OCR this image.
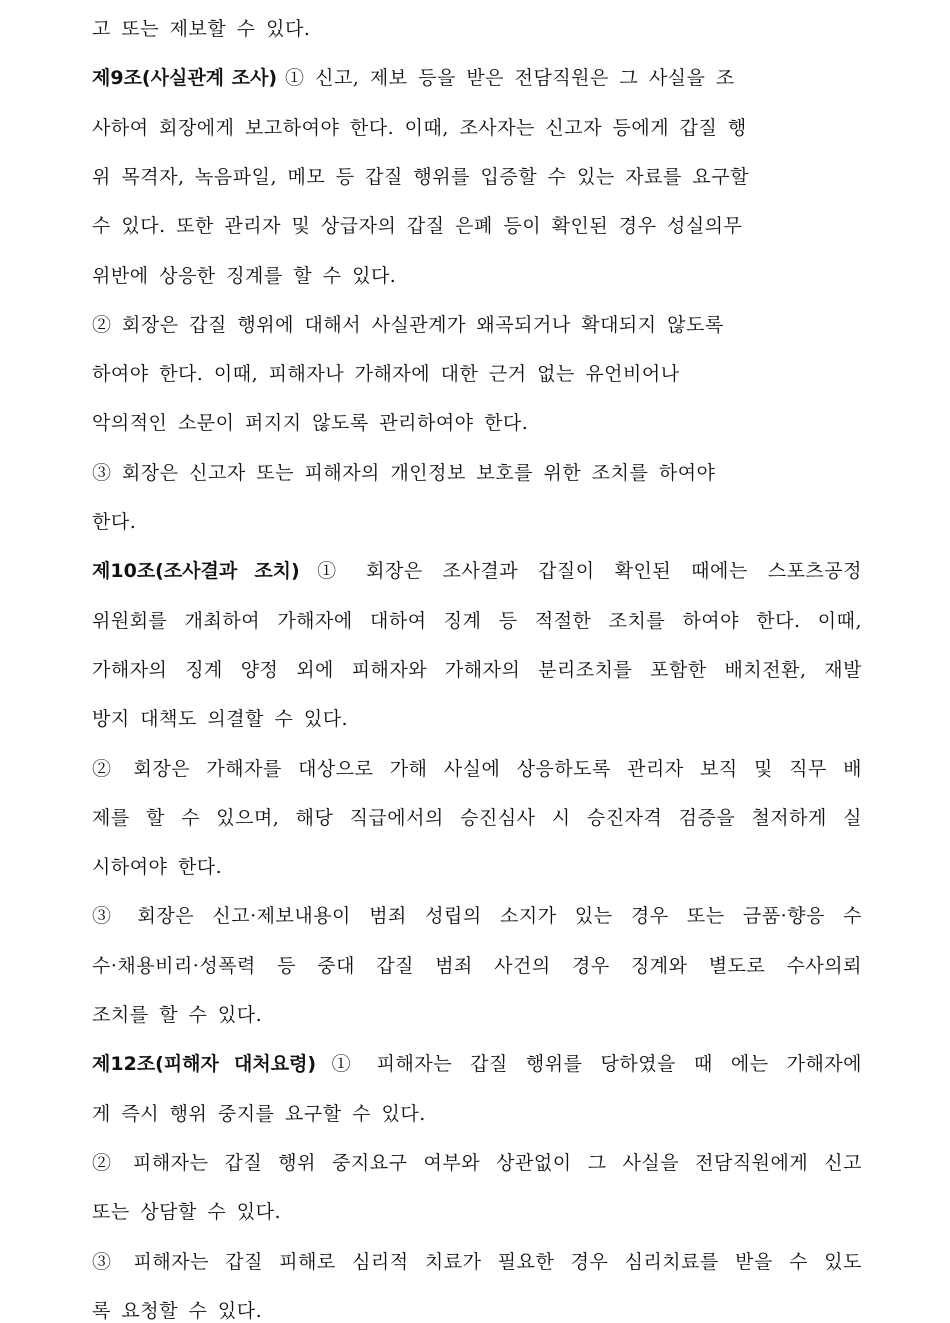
고 또는 제보할 수 있다.
제9조(사실관계 조사) ① 신고, 제보 등을 받은 전담직원은 그 사실을 조
사하여 회장에게 보고하여야 한다. 이때, 조사자는 신고자 등에게 갑질 행
위 목격자, 녹음파일, 메모 등 갑질 행위를 입증할 수 있는 자료를 요구할
수 있다. 또한 관리자 및 상급자의 갑질 은폐 등이 확인된 경우 성실의무
위반에 상응한 징계를 할 수 있다.
② 회장은 갑질 행위에 대해서 사실관계가 왜곡되거나 확대되지 않도록
하여야 한다. 이때, 피해자나 가해자에 대한 근거 없는 유언비어나
악의적인 소문이 퍼지지 않도록 관리하여야 한다.
③ 회장은 신고자 또는 피해자의 개인정보 보호를 위한 조치를 하여야
한다.
제10조(조사결과 조치) ① 회장은 조사결과 갑질이 확인된 때에는 스포츠공정
위원회를 개최하여 가해자에 대하여 징계 등 적절한 조치를 하여야 한다. 이때,
가해자의 징계 양정 외에 피해자와 가해자의 분리조치를 포함한 배치전환, 재발
방지 대책도 의결할 수 있다.
② 회장은 가해자를 대상으로 가해 사실에 상응하도록 관리자 보직 및 직무 배
제를 할 수 있으며, 해당 직급에서의 승진심사 시 승진자격 검증을 철저하게 실
시하여야 한다.
③ 회장은 신고·제보내용이 범죄 성립의 소지가 있는 경우 또는 금품·향응 수
수·채용비리·성폭력 등 중대 갑질 범죄 사건의 경우 징계와 별도로 수사의뢰
조치를 할 수 있다.
제12조(피해자 대처요령) ① 피해자는 갑질 행위를 당하였을 때 에는 가해자에
게 즉시 행위 중지를 요구할 수 있다.
② 피해자는 갑질 행위 중지요구 여부와 상관없이 그 사실을 전담직원에게 신고
또는 상담할 수 있다.
③ 피해자는 갑질 피해로 심리적 치료가 필요한 경우 심리치료를 받을 수 있도
록 요청할 수 있다.
